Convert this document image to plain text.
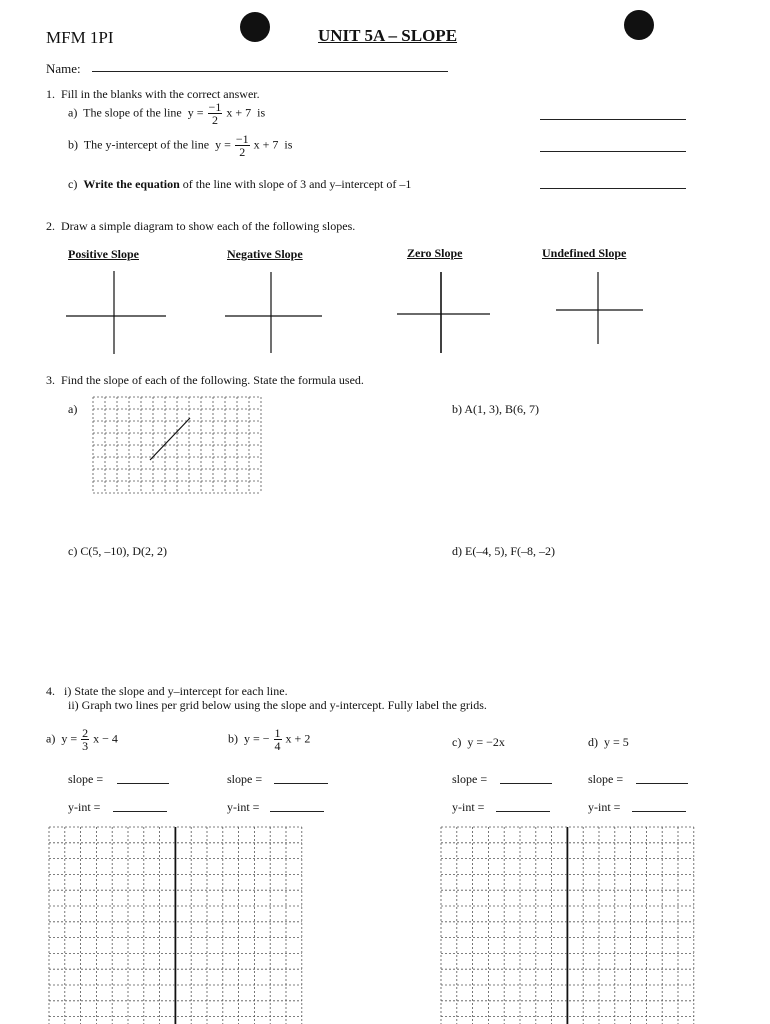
MFM 1PI	UNIT 5A – SLOPE
Name:
1. Fill in the blanks with the correct answer.
a) The slope of the line $y = \frac{-1}{2}$ x + 7 is
b) The y-intercept of the line $y = \frac{-1}{2}$ x + 7 is
c) Write the equation of the line with slope of 3 and y–intercept of –1
2. Draw a simple diagram to show each of the following slopes.
Positive Slope	Negative Slope	Zero Slope	Undefined Slope
3. Find the slope of each of the following. State the formula used.
a)	b) A(1, 3), B(6, 7)
c) C(5, –10), D(2, 2)	d) E(–4, 5), F(–8, –2)
4. i) State the slope and y–intercept for each line.
ii) Graph two lines per grid below using the slope and y-intercept. Fully label the grids.
a) $y = \frac{2}{3}$ x − 4	b) y = − $\frac{1}{4}$ x + 2	c) y = −2x	d) y = 5
slope =	slope =	slope =	slope =
y-int =	y-int =	y-int =	y-int =
